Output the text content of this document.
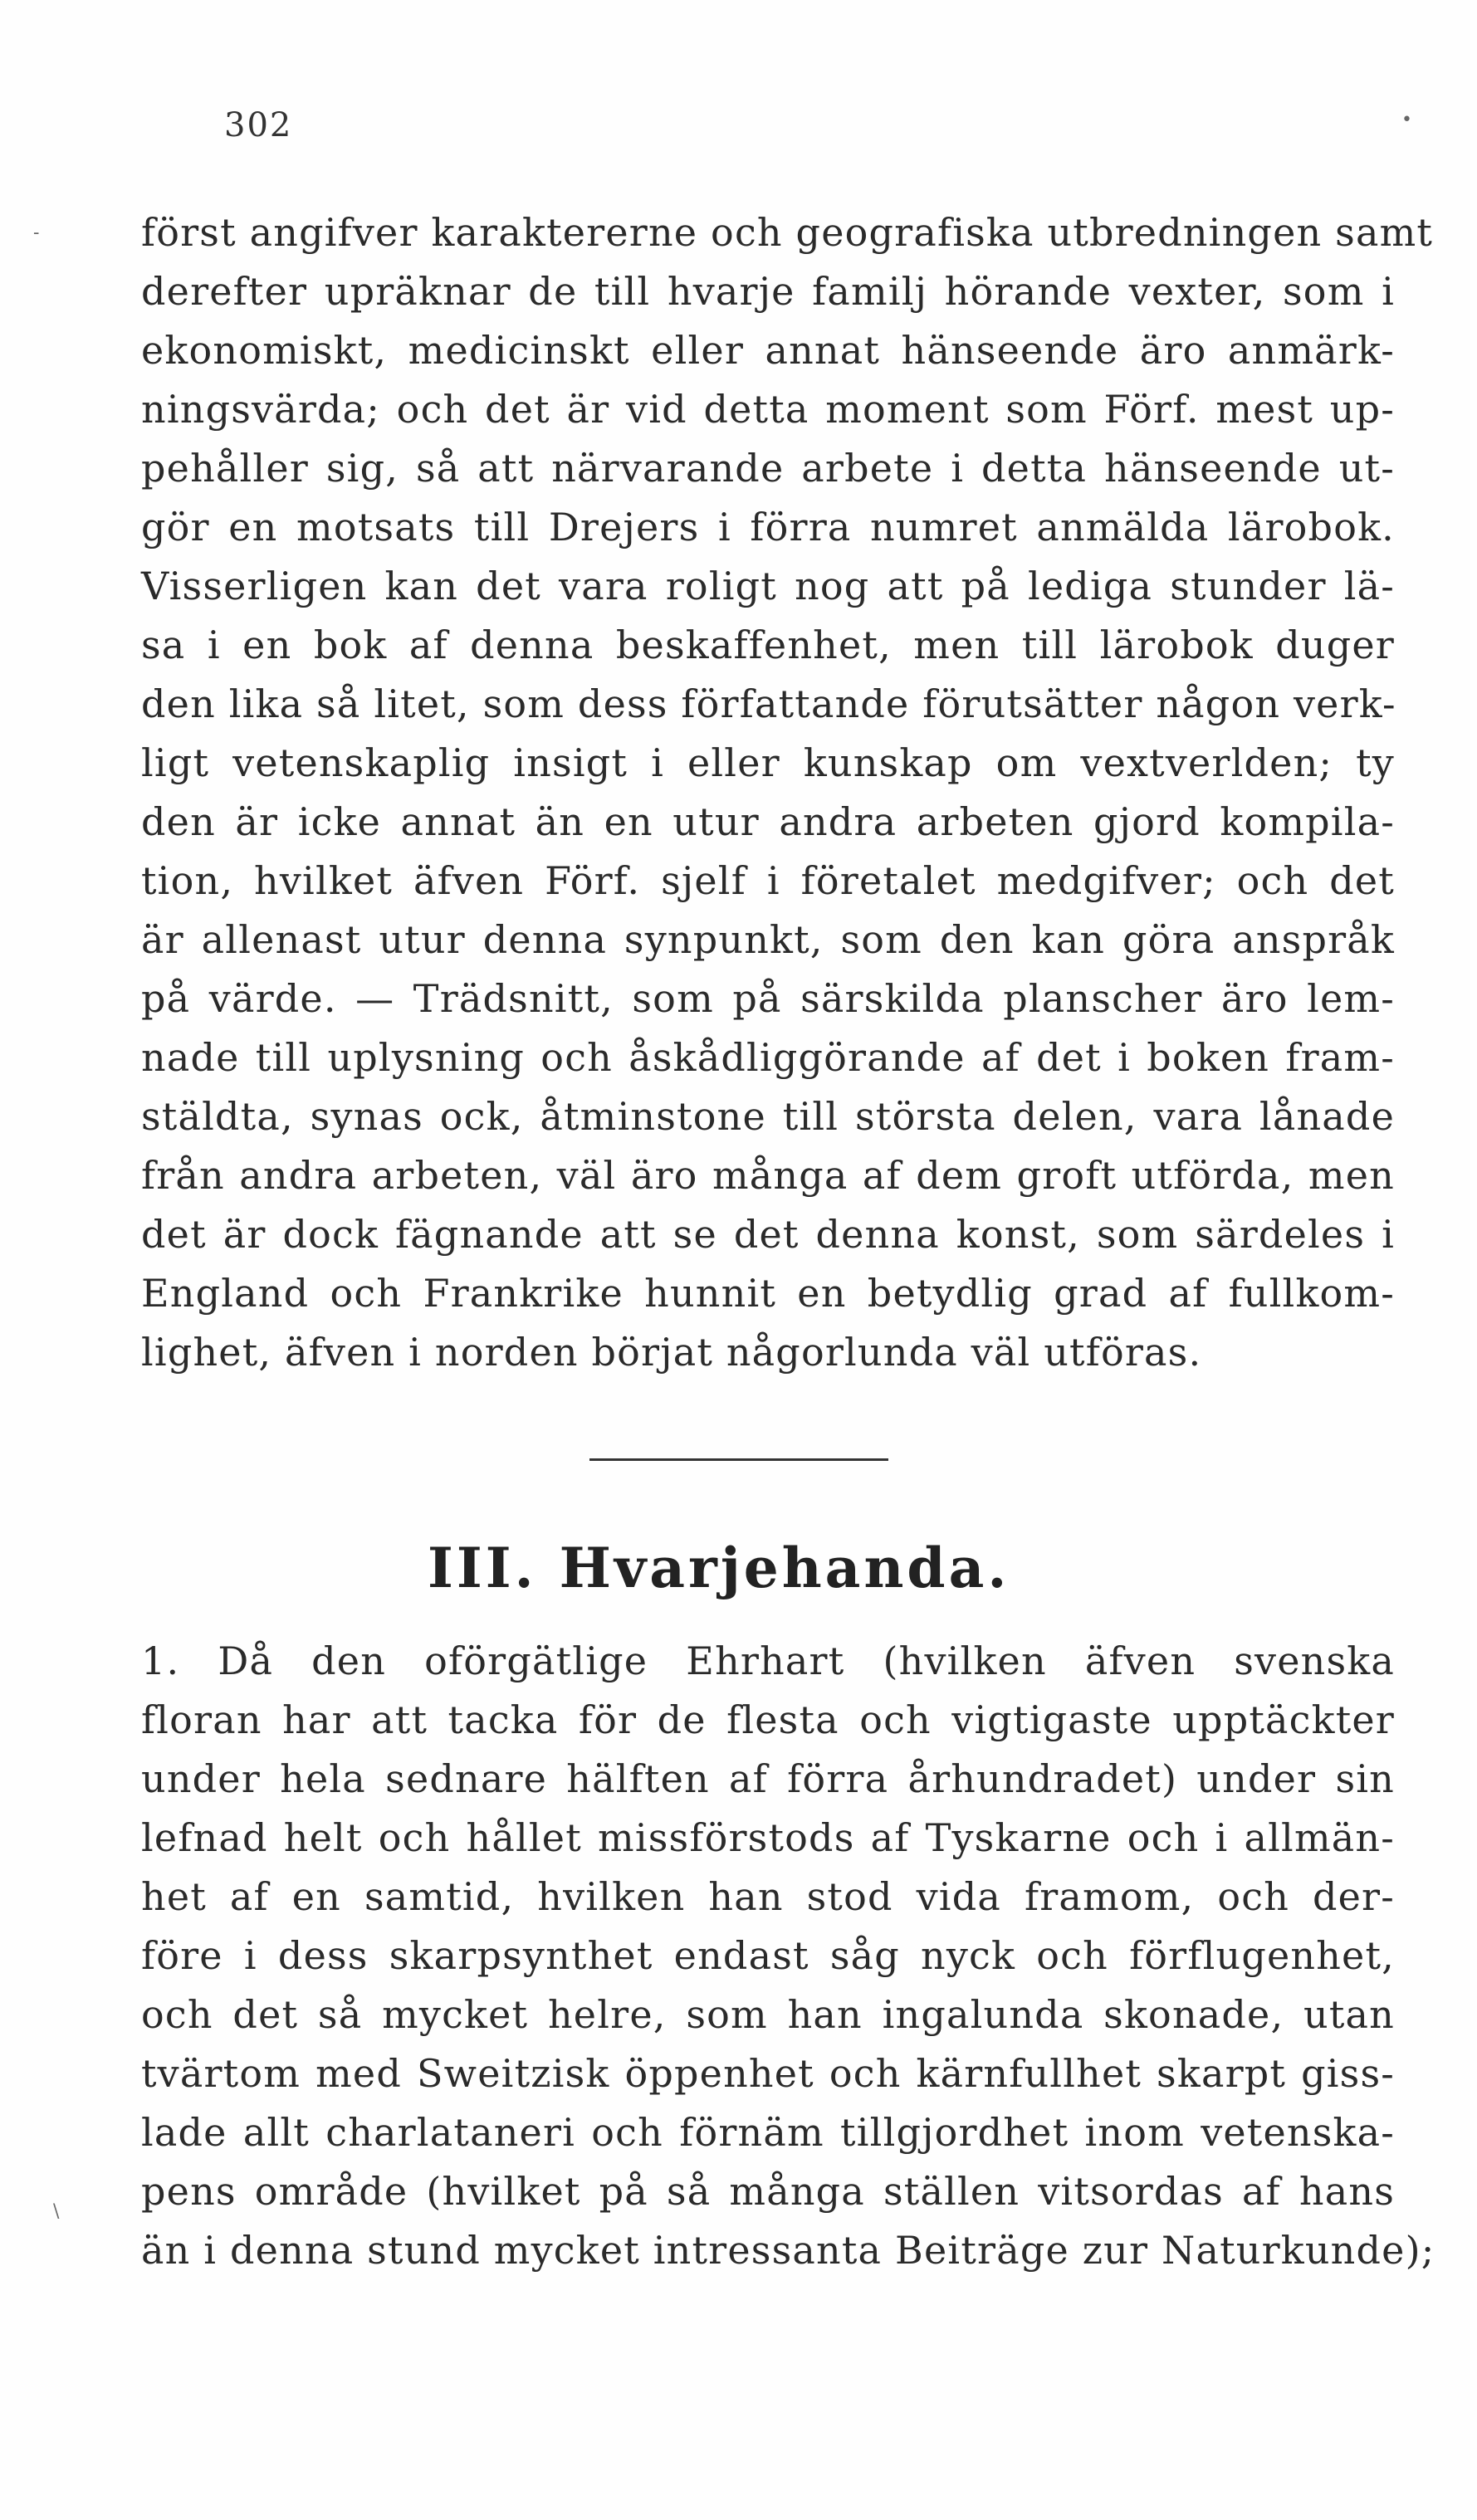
•
-
\
302
först angifver karaktererne och geografiska utbredningen samt
derefter upräknar de till hvarje familj hörande vexter, som i
ekonomiskt, medicinskt eller annat hänseende äro anmärk-
ningsvärda; och det är vid detta moment som Förf. mest up-
pehåller sig, så att närvarande arbete i detta hänseende ut-
gör en motsats till Drejers i förra numret anmälda lärobok.
Visserligen kan det vara roligt nog att på lediga stunder lä-
sa i en bok af denna beskaffenhet, men till lärobok duger
den lika så litet, som dess författande förutsätter någon verk-
ligt vetenskaplig insigt i eller kunskap om vextverlden; ty
den är icke annat än en utur andra arbeten gjord kompila-
tion, hvilket äfven Förf. sjelf i företalet medgifver; och det
är allenast utur denna synpunkt, som den kan göra anspråk
på värde. — Trädsnitt, som på särskilda planscher äro lem-
nade till uplysning och åskådliggörande af det i boken fram-
stäldta, synas ock, åtminstone till största delen, vara lånade
från andra arbeten, väl äro många af dem groft utförda, men
det är dock fägnande att se det denna konst, som särdeles i
England och Frankrike hunnit en betydlig grad af fullkom-
lighet, äfven i norden börjat någorlunda väl utföras.
III. Hvarjehanda.
1. Då den oförgätlige Ehrhart (hvilken äfven svenska
floran har att tacka för de flesta och vigtigaste upptäckter
under hela sednare hälften af förra århundradet) under sin
lefnad helt och hållet missförstods af Tyskarne och i allmän-
het af en samtid, hvilken han stod vida framom, och der-
före i dess skarpsynthet endast såg nyck och förflugenhet,
och det så mycket helre, som han ingalunda skonade, utan
tvärtom med Sweitzisk öppenhet och kärnfullhet skarpt giss-
lade allt charlataneri och förnäm tillgjordhet inom vetenska-
pens område (hvilket på så många ställen vitsordas af hans
än i denna stund mycket intressanta Beiträge zur Naturkunde);
